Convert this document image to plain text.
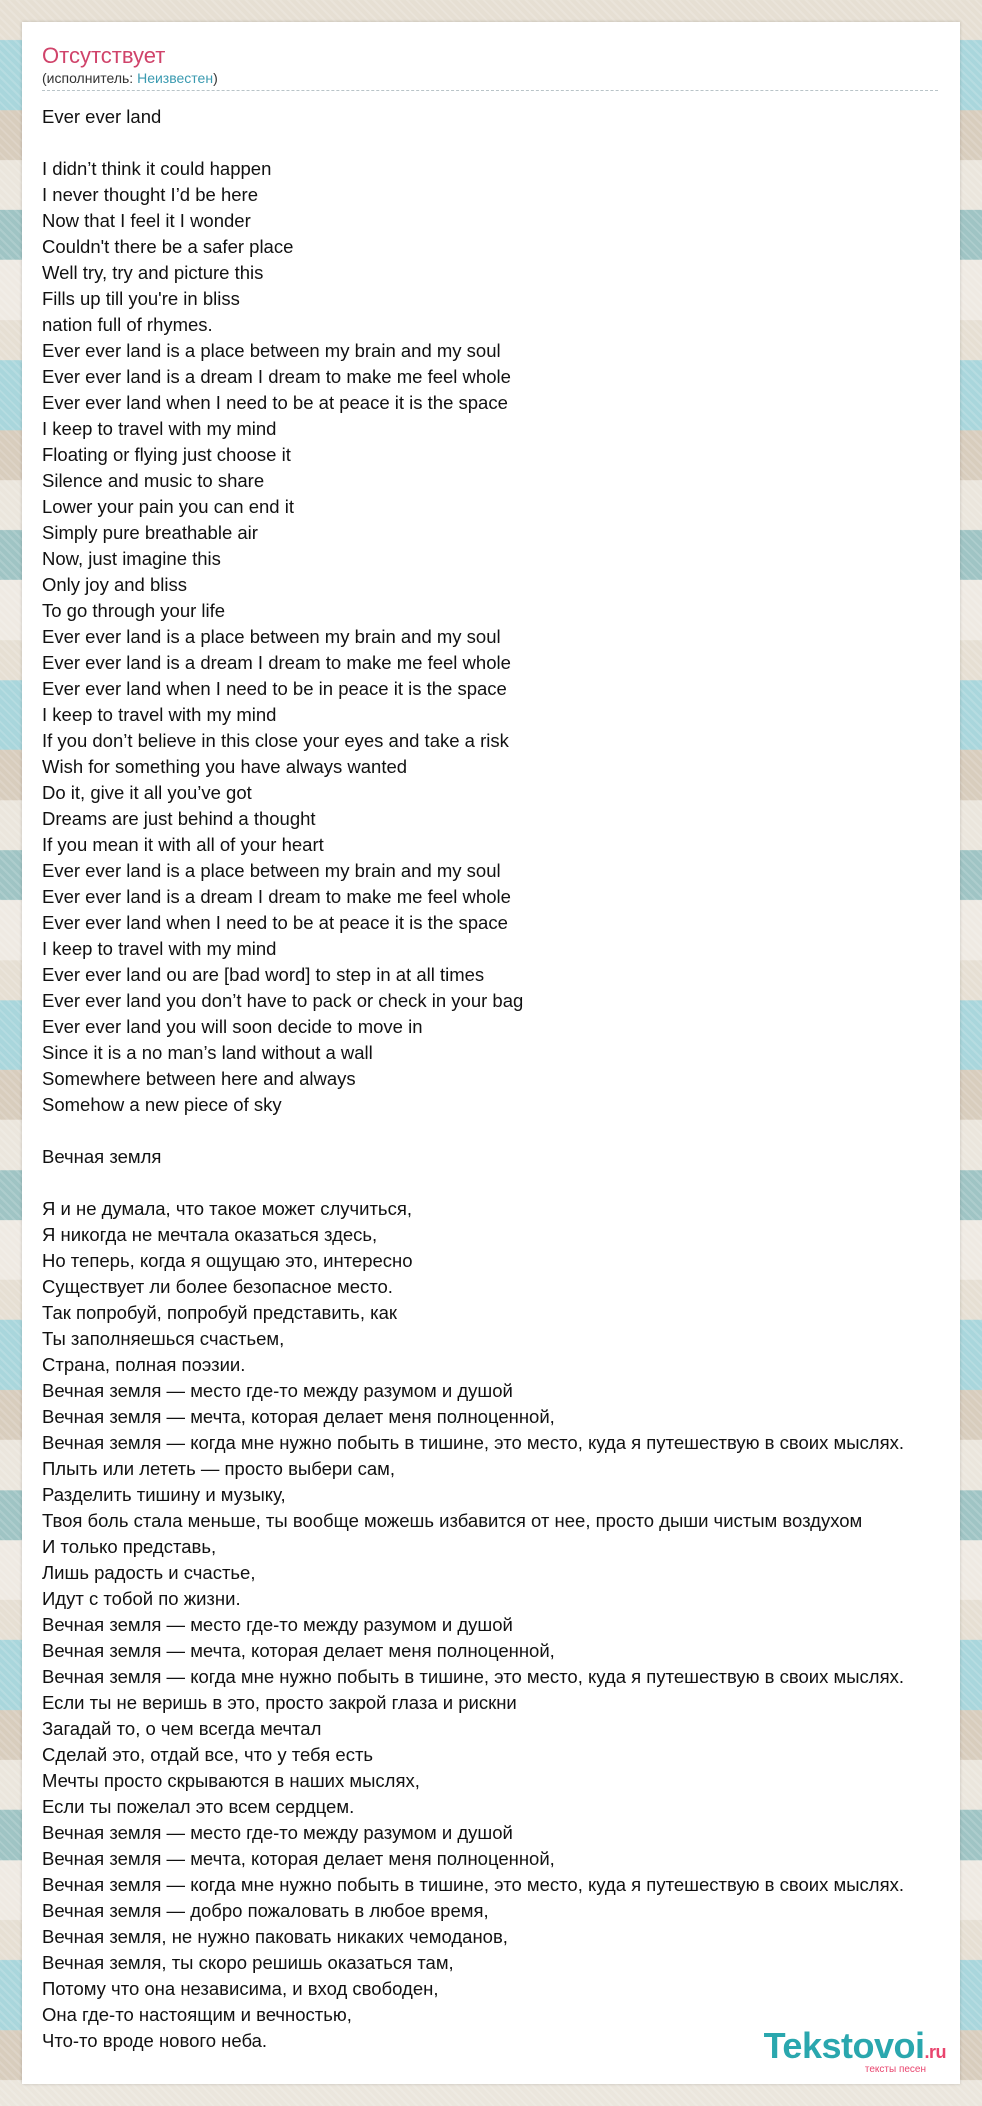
Отсутствует
(исполнитель: Неизвестен)
Ever ever land
I didn’t think it could happen
I never thought I’d be here
Now that I feel it I wonder
Couldn't there be a safer place
Well try, try and picture this
Fills up till you're in bliss
nation full of rhymes.
Ever ever land is a place between my brain and my soul
Ever ever land is a dream I dream to make me feel whole
Ever ever land when I need to be at peace it is the space
I keep to travel with my mind
Floating or flying just choose it
Silence and music to share
Lower your pain you can end it
Simply pure breathable air
Now, just imagine this
Only joy and bliss
To go through your life
Ever ever land is a place between my brain and my soul
Ever ever land is a dream I dream to make me feel whole
Ever ever land when I need to be in peace it is the space
I keep to travel with my mind
If you don’t believe in this close your eyes and take a risk
Wish for something you have always wanted
Do it, give it all you’ve got
Dreams are just behind a thought
If you mean it with all of your heart
Ever ever land is a place between my brain and my soul
Ever ever land is a dream I dream to make me feel whole
Ever ever land when I need to be at peace it is the space
I keep to travel with my mind
Ever ever land ou are [bad word] to step in at all times
Ever ever land you don’t have to pack or check in your bag
Ever ever land you will soon decide to move in
Since it is a no man’s land without a wall
Somewhere between here and always
Somehow a new piece of sky
Вечная земля
Я и не думала, что такое может случиться,
Я никогда не мечтала оказаться здесь,
Но теперь, когда я ощущаю это, интересно
Существует ли более безопасное место.
Так попробуй, попробуй представить, как
Ты заполняешься счастьем,
Страна, полная поэзии.
Вечная земля — место где-то между разумом и душой
Вечная земля — мечта, которая делает меня полноценной,
Вечная земля — когда мне нужно побыть в тишине, это место, куда я путешествую в своих мыслях.
Плыть или лететь — просто выбери сам,
Разделить тишину и музыку,
Твоя боль стала меньше, ты вообще можешь избавится от нее, просто дыши чистым воздухом
И только представь,
Лишь радость и счастье,
Идут с тобой по жизни.
Вечная земля — место где-то между разумом и душой
Вечная земля — мечта, которая делает меня полноценной,
Вечная земля — когда мне нужно побыть в тишине, это место, куда я путешествую в своих мыслях.
Если ты не веришь в это, просто закрой глаза и рискни
Загадай то, о чем всегда мечтал
Сделай это, отдай все, что у тебя есть
Мечты просто скрываются в наших мыслях,
Если ты пожелал это всем сердцем.
Вечная земля — место где-то между разумом и душой
Вечная земля — мечта, которая делает меня полноценной,
Вечная земля — когда мне нужно побыть в тишине, это место, куда я путешествую в своих мыслях.
Вечная земля — добро пожаловать в любое время,
Вечная земля, не нужно паковать никаких чемоданов,
Вечная земля, ты скоро решишь оказаться там,
Потому что она независима, и вход свободен,
Она где-то настоящим и вечностью,
Что-то вроде нового неба.	Tekstovoi.ru
тексты песен
